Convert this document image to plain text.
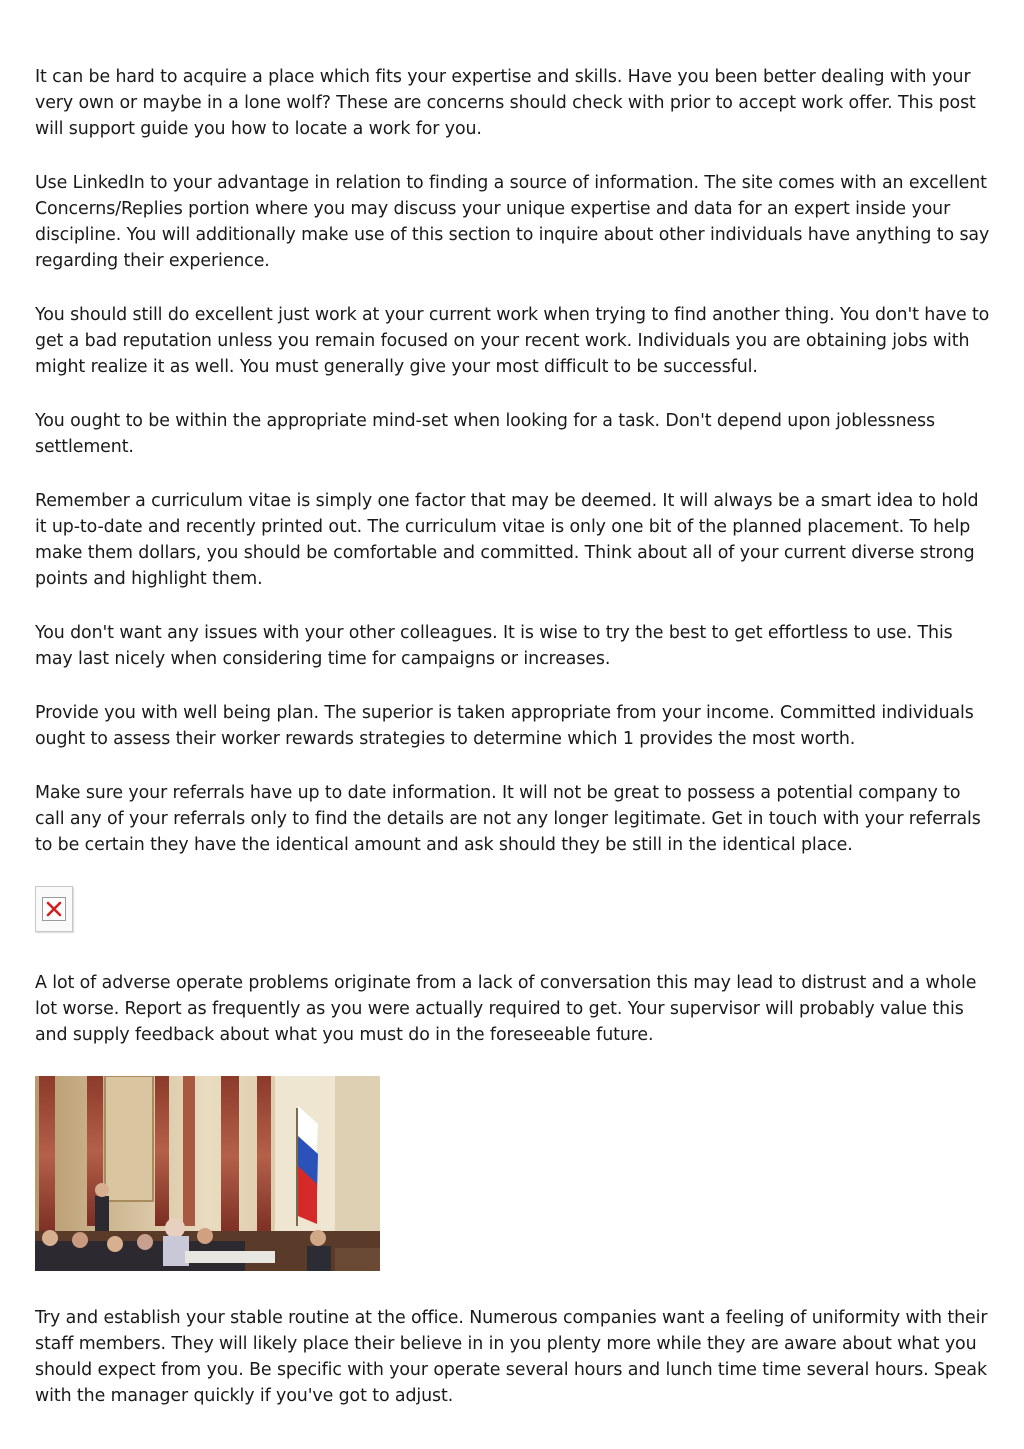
It can be hard to acquire a place which fits your expertise and skills. Have you been better dealing with your very own or maybe in a lone wolf? These are concerns should check with prior to accept work offer. This post will support guide you how to locate a work for you.

Use LinkedIn to your advantage in relation to finding a source of information. The site comes with an excellent Concerns/Replies portion where you may discuss your unique expertise and data for an expert inside your discipline. You will additionally make use of this section to inquire about other individuals have anything to say regarding their experience.

You should still do excellent just work at your current work when trying to find another thing. You don't have to get a bad reputation unless you remain focused on your recent work. Individuals you are obtaining jobs with might realize it as well. You must generally give your most difficult to be successful.

You ought to be within the appropriate mind-set when looking for a task. Don't depend upon joblessness settlement.

Remember a curriculum vitae is simply one factor that may be deemed. It will always be a smart idea to hold it up-to-date and recently printed out. The curriculum vitae is only one bit of the planned placement. To help make them dollars, you should be comfortable and committed. Think about all of your current diverse strong points and highlight them.

You don't want any issues with your other colleagues. It is wise to try the best to get effortless to use. This may last nicely when considering time for campaigns or increases.

Provide you with well being plan. The superior is taken appropriate from your income. Committed individuals ought to assess their worker rewards strategies to determine which 1 provides the most worth.

Make sure your referrals have up to date information. It will not be great to possess a potential company to call any of your referrals only to find the details are not any longer legitimate. Get in touch with your referrals to be certain they have the identical amount and ask should they be still in the identical place.

A lot of adverse operate problems originate from a lack of conversation this may lead to distrust and a whole lot worse. Report as frequently as you were actually required to get. Your supervisor will probably value this and supply feedback about what you must do in the foreseeable future.

Try and establish your stable routine at the office. Numerous companies want a feeling of uniformity with their staff members. They will likely place their believe in in you plenty more while they are aware about what you should expect from you. Be specific with your operate several hours and lunch time time several hours. Speak with the manager quickly if you've got to adjust.
